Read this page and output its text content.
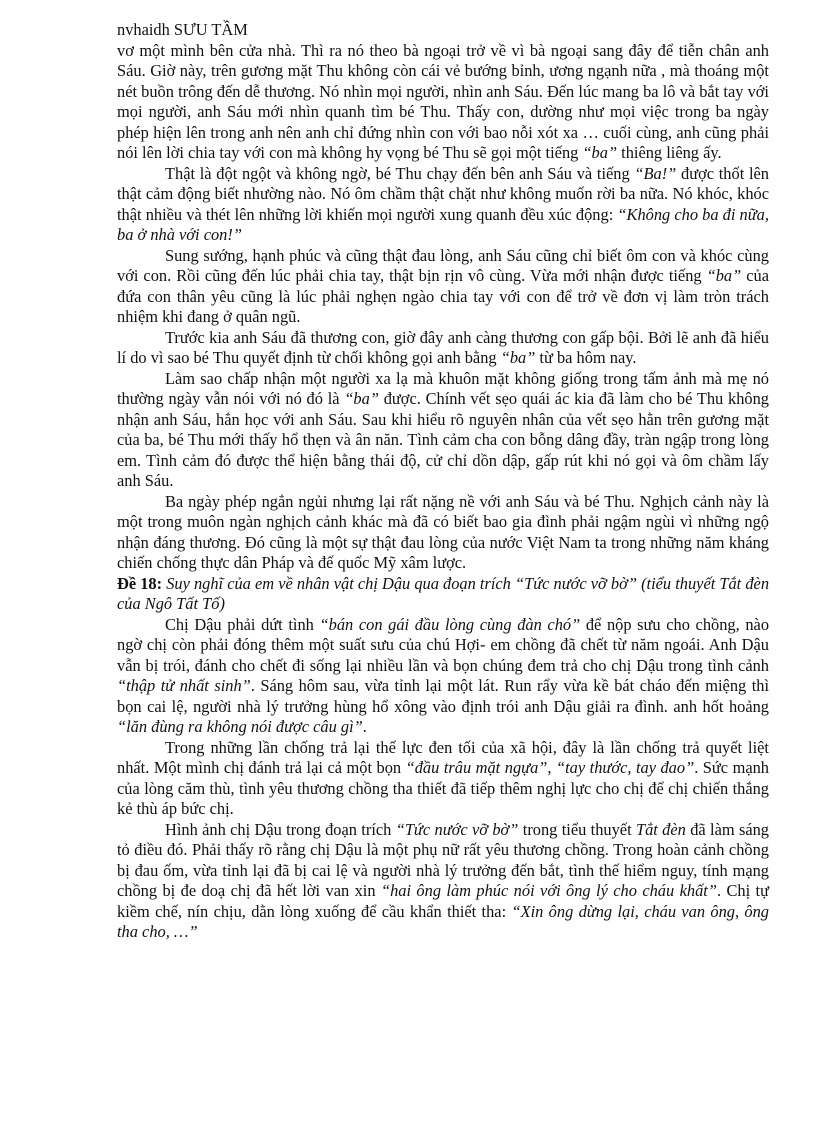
nvhaidh SƯU TẦM

vơ một mình bên cửa nhà. Thì ra nó theo bà ngoại trở về vì bà ngoại sang đây để tiễn chân anh Sáu. Giờ này, trên gương mặt Thu không còn cái vẻ bướng bỉnh, ương ngạnh nữa , mà thoáng một nét buồn trông đến dễ thương. Nó nhìn mọi người, nhìn anh Sáu. Đến lúc mang ba lô và bắt tay với mọi người, anh Sáu mới nhìn quanh tìm bé Thu. Thấy con, dường như mọi việc trong ba ngày phép hiện lên trong anh nên anh chỉ đứng nhìn con với bao nỗi xót xa … cuối cùng, anh cũng phải nói lên lời chia tay với con mà không hy vọng bé Thu sẽ gọi một tiếng “ba” thiêng liêng ấy.

Thật là đột ngột và không ngờ, bé Thu chạy đến bên anh Sáu và tiếng “Ba!” được thốt lên thật cảm động biết nhường nào. Nó ôm chầm thật chặt như không muốn rời ba nữa. Nó khóc, khóc thật nhiều và thét lên những lời khiến mọi người xung quanh đều xúc động: “Không cho ba đi nữa, ba ở nhà với con!”

Sung sướng, hạnh phúc và cũng thật đau lòng, anh Sáu cũng chỉ biết ôm con và khóc cùng với con. Rồi cũng đến lúc phải chia tay, thật bịn rịn vô cùng. Vừa mới nhận được tiếng “ba” của đứa con thân yêu cũng là lúc phải nghẹn ngào chia tay với con để trở về đơn vị làm tròn trách nhiệm khi đang ở quân ngũ.

Trước kia anh Sáu đã thương con, giờ đây anh càng thương con gấp bội. Bởi lẽ anh đã hiểu lí do vì sao bé Thu quyết định từ chối không gọi anh bằng “ba” từ ba hôm nay.

Làm sao chấp nhận một người xa lạ mà khuôn mặt không giống trong tấm ảnh mà mẹ nó thường ngày vẫn nói với nó đó là “ba” được. Chính vết sẹo quái ác kia đã làm cho bé Thu không nhận anh Sáu, hắn học với anh Sáu. Sau khi hiểu rõ nguyên nhân của vết sẹo hằn trên gương mặt của ba, bé Thu mới thấy hổ thẹn và ân năn. Tình cảm cha con bỗng dâng đầy, tràn ngập trong lòng em. Tình cảm đó được thể hiện bằng thái độ, cử chỉ dồn dập, gấp rút khi nó gọi và ôm chầm lấy anh Sáu.

Ba ngày phép ngắn ngủi nhưng lại rất nặng nề với anh Sáu và bé Thu. Nghịch cảnh này là một trong muôn ngàn nghịch cảnh khác mà đã có biết bao gia đình phải ngậm ngùi vì những ngộ nhận đáng thương. Đó cũng là một sự thật đau lòng của nước Việt Nam ta trong những năm kháng chiến chống thực dân Pháp và đế quốc Mỹ xâm lược.

Đề 18: Suy nghĩ của em về nhân vật chị Dậu qua đoạn trích “Tức nước vỡ bờ” (tiểu thuyết Tắt đèn của Ngô Tất Tố)

Chị Dậu phải dứt tình “bán con gái đầu lòng cùng đàn chó” để nộp sưu cho chồng, nào ngờ chị còn phải đóng thêm một suất sưu của chú Hợi- em chồng đã chết từ năm ngoái. Anh Dậu vẫn bị trói, đánh cho chết đi sống lại nhiều lần và bọn chúng đem trả cho chị Dậu trong tình cảnh “thập tử nhất sinh”. Sáng hôm sau, vừa tỉnh lại một lát. Run rẩy vừa kề bát cháo đến miệng thì bọn cai lệ, người nhà lý trưởng hùng hổ xông vào định trói anh Dậu giải ra đình. anh hốt hoảng “lăn đùng ra không nói được câu gì”.

Trong những lần chống trả lại thế lực đen tối của xã hội, đây là lần chống trả quyết liệt nhất. Một mình chị đánh trả lại cả một bọn “đầu trâu mặt ngựa”, “tay thước, tay đao”. Sức mạnh của lòng căm thù, tình yêu thương chồng tha thiết đã tiếp thêm nghị lực cho chị để chị chiến thắng kẻ thù áp bức chị.

Hình ảnh chị Dậu trong đoạn trích “Tức nước vỡ bờ” trong tiểu thuyết Tắt đèn đã làm sáng tỏ điều đó. Phải thấy rõ rằng chị Dậu là một phụ nữ rất yêu thương chồng. Trong hoàn cảnh chồng bị đau ốm, vừa tỉnh lại đã bị cai lệ và người nhà lý trưởng đến bắt, tình thế hiểm nguy, tính mạng chồng bị đe doạ chị đã hết lời van xin “hai ông làm phúc nói với ông lý cho cháu khất”. Chị tự kiềm chế, nín chịu, dằn lòng xuống để cầu khẩn thiết tha: “Xin ông dừng lại, cháu van ông, ông tha cho, …”
